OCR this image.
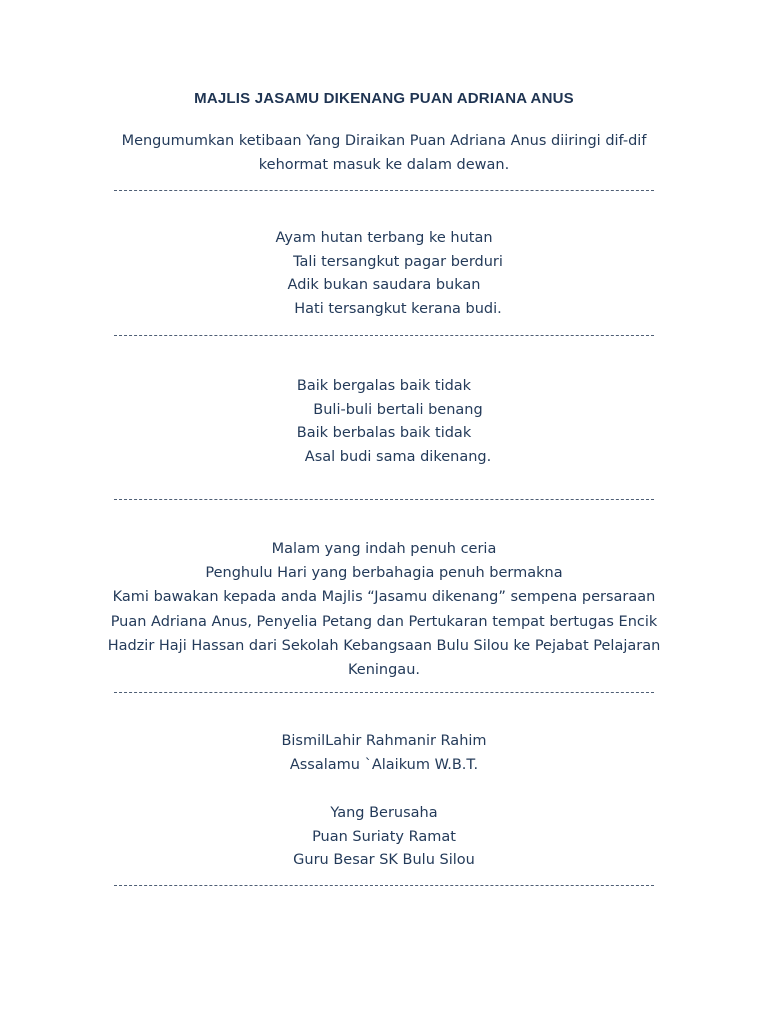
MAJLIS JASAMU DIKENANG PUAN ADRIANA ANUS
Mengumumkan ketibaan Yang Diraikan Puan Adriana Anus diiringi dif-dif
kehormat masuk ke dalam dewan.
Ayam hutan terbang ke hutan
Tali tersangkut pagar berduri
Adik bukan saudara bukan
Hati tersangkut kerana budi.
Baik bergalas baik tidak
Buli-buli bertali benang
Baik berbalas baik tidak
Asal budi sama dikenang.
Malam yang indah penuh ceria
Penghulu Hari yang berbahagia penuh bermakna
Kami bawakan kepada anda Majlis “Jasamu dikenang” sempena persaraan
Puan Adriana Anus, Penyelia Petang dan Pertukaran tempat bertugas Encik
Hadzir Haji Hassan dari Sekolah Kebangsaan Bulu Silou ke Pejabat Pelajaran
Keningau.
BismilLahir Rahmanir Rahim
Assalamu `Alaikum W.B.T.
Yang Berusaha
Puan Suriaty Ramat
Guru Besar SK Bulu Silou
